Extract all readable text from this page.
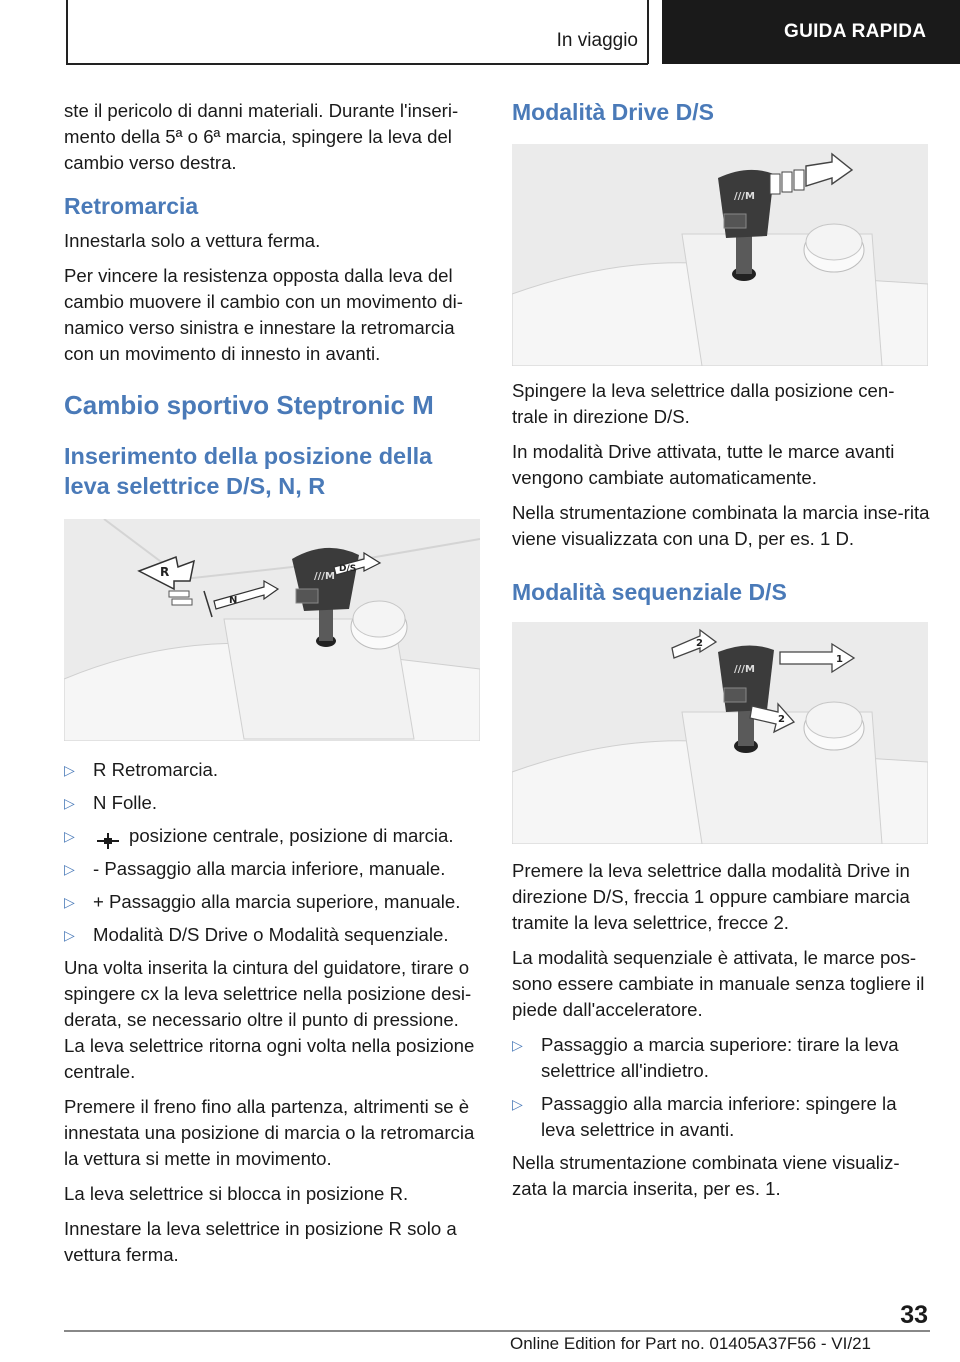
In viaggio	GUIDA RAPIDA

ste il pericolo di danni materiali. Durante l'inseri-mento della 5ª o 6ª marcia, spingere la leva del cambio verso destra.

Retromarcia

Innestarla solo a vettura ferma.

Per vincere la resistenza opposta dalla leva del cambio muovere il cambio con un movimento di-namico verso sinistra e innestare la retromarcia con un movimento di innesto in avanti.

Cambio sportivo Steptronic M
Inserimento della posizione della leva selettrice D/S, N, R
///M
R
N
D/S
▷ R Retromarcia.
▷ N Folle.
▷	posizione centrale, posizione di marcia.
▷ - Passaggio alla marcia inferiore, manuale.
▷ + Passaggio alla marcia superiore, manuale.
▷ Modalità D/S Drive o Modalità sequenziale.

Una volta inserita la cintura del guidatore, tirare o spingere cx la leva selettrice nella posizione desi-derata, se necessario oltre il punto di pressione. La leva selettrice ritorna ogni volta nella posizione centrale.

Premere il freno fino alla partenza, altrimenti se è innestata una posizione di marcia o la retromarcia la vettura si mette in movimento.

La leva selettrice si blocca in posizione R.

Innestare la leva selettrice in posizione R solo a vettura ferma.

Modalità Drive D/S
///M

Spingere la leva selettrice dalla posizione cen-trale in direzione D/S.

In modalità Drive attivata, tutte le marce avanti vengono cambiate automaticamente.

Nella strumentazione combinata la marcia inse-rita viene visualizzata con una D, per es. 1 D.

Modalità sequenziale D/S
///M
2
1
2

Premere la leva selettrice dalla modalità Drive in direzione D/S, freccia 1 oppure cambiare marcia tramite la leva selettrice, frecce 2.

La modalità sequenziale è attivata, le marce pos-sono essere cambiate in manuale senza togliere il piede dall'acceleratore.

▷ Passaggio a marcia superiore: tirare la leva selettrice all'indietro.
▷ Passaggio alla marcia inferiore: spingere la leva selettrice in avanti.

Nella strumentazione combinata viene visualiz-zata la marcia inserita, per es. 1.

33
Online Edition for Part no. 01405A37F56 - VI/21
